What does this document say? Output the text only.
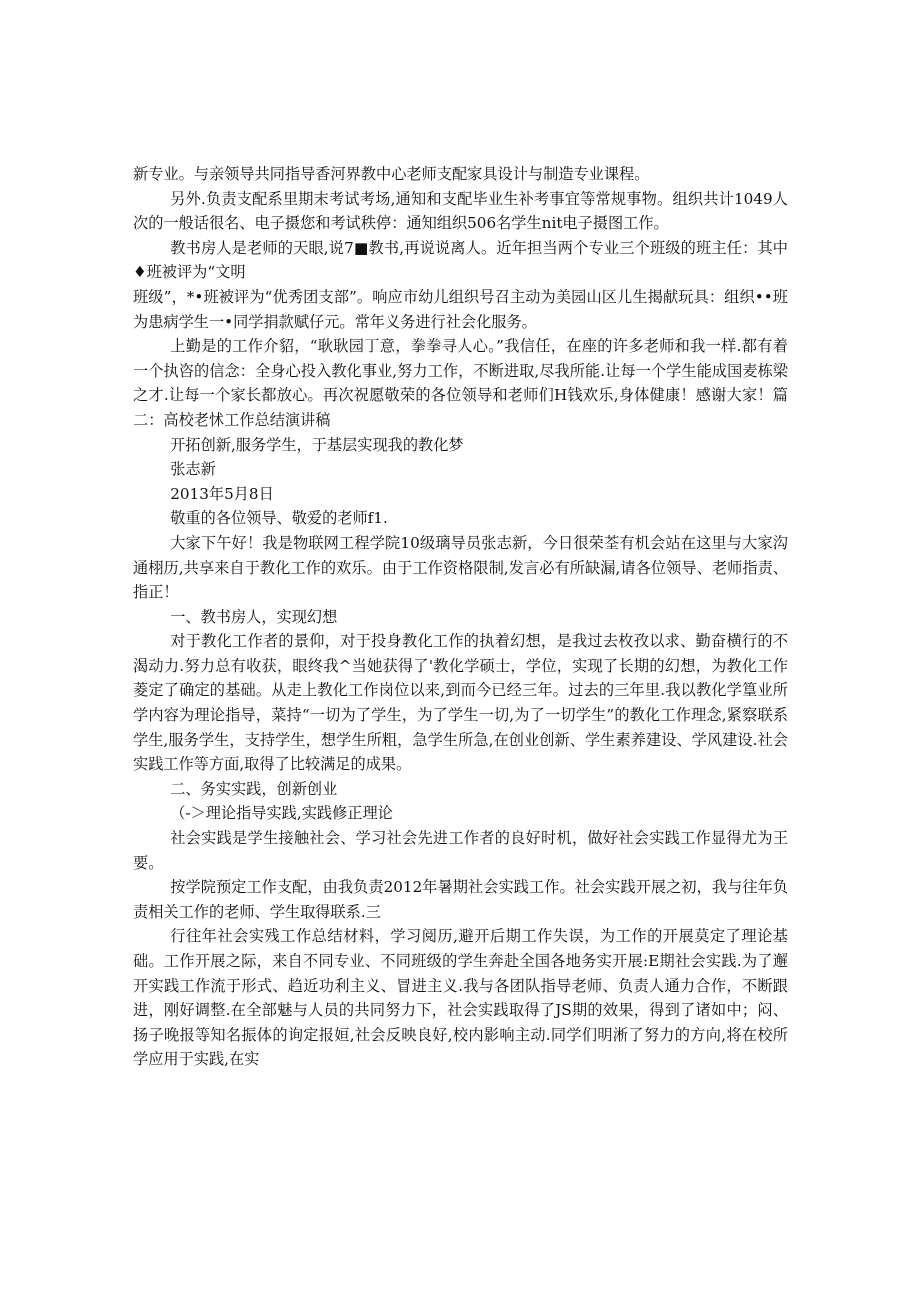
新专业。与亲领导共同指导香河界教中心老师支配家具设计与制造专业课程。

另外.负责支配系里期末考试考场,通知和支配毕业生补考事宜等常规事物。组织共计1049人次的一般话很名、电子摄您和考试秩停：通知组织506名学生nit电子摄图工作。

教书房人是老师的天眼,说7■教书,再说说离人。近年担当两个专业三个班级的班主任：其中♦班被评为“文明

班级”，*•班被评为“优秀团支部”。响应市幼儿组织号召主动为美园山区儿生揭献玩具：组织••班为患病学生一•同学捐款赋仔元。常年义务进行社会化服务。

上勤是的工作介貂，“耿耿园丁意，拳拳寻人心。”我信任，在座的许多老师和我一样.都有着一个执咨的信念：全身心投入教化事业,努力工作，不断进取,尽我所能.让每一个学生能成国麦栋梁之才.让每一个家长都放心。再次祝愿敬荣的各位领导和老师们H钱欢乐,身体健康！感谢大家！篇二：高校老怵工作总结演讲稿

开拓创新,服务学生，于基层实现我的教化梦

张志新

2013年5月8日

敬重的各位领导、敬爱的老师f1.

大家下午好！我是物联网工程学院10级璃导员张志新，今日很荣荃有机会站在这里与大家沟通栩历,共享来自于教化工作的欢乐。由于工作资格限制,发言必有所缺漏,请各位领导、老师指责、指正！

一、教书房人，实现幻想

对于教化工作者的景仰，对于投身教化工作的执着幻想，是我过去枚孜以求、勤奋横行的不渴动力.努力总有收获，眼终我^当她获得了'教化学硕士，学位，实现了长期的幻想，为教化工作菱定了确定的基础。从走上教化工作岗位以来,到而今已经三年。过去的三年里.我以教化学篁业所学内容为理论指导，菜持“一切为了学生，为了学生一切,为了一切学生”的教化工作理念,紧察联系学生,服务学生，支持学生，想学生所粗，急学生所急,在创业创新、学生素养建设、学风建设.社会实践工作等方面,取得了比较满足的成果。

二、务实实践，创新创业

（-＞理论指导实践,实践修正理论

社会实践是学生接触社会、学习社会先进工作者的良好时机，做好社会实践工作显得尤为王要。

按学院预定工作支配，由我负责2012年暑期社会实践工作。社会实践开展之初，我与往年负责相关工作的老师、学生取得联系.三

行往年社会实残工作总结材料，学习阅历,避开后期工作失误，为工作的开展莫定了理论基础。工作开展之际，来自不同专业、不同班级的学生奔赴全国各地务实开展:E期社会实践.为了邂开实践工作流于形式、趋近功利主义、冒进主义.我与各团队指导老师、负责人通力合作，不断跟进，刚好调整.在全部魅与人员的共同努力下，社会实践取得了JS期的效果，得到了诸如中；闷、扬子晚报等知名振体的询定报姮,社会反映良好,校内影响主动.同学们明淅了努力的方向,将在校所学应用于实践,在实
